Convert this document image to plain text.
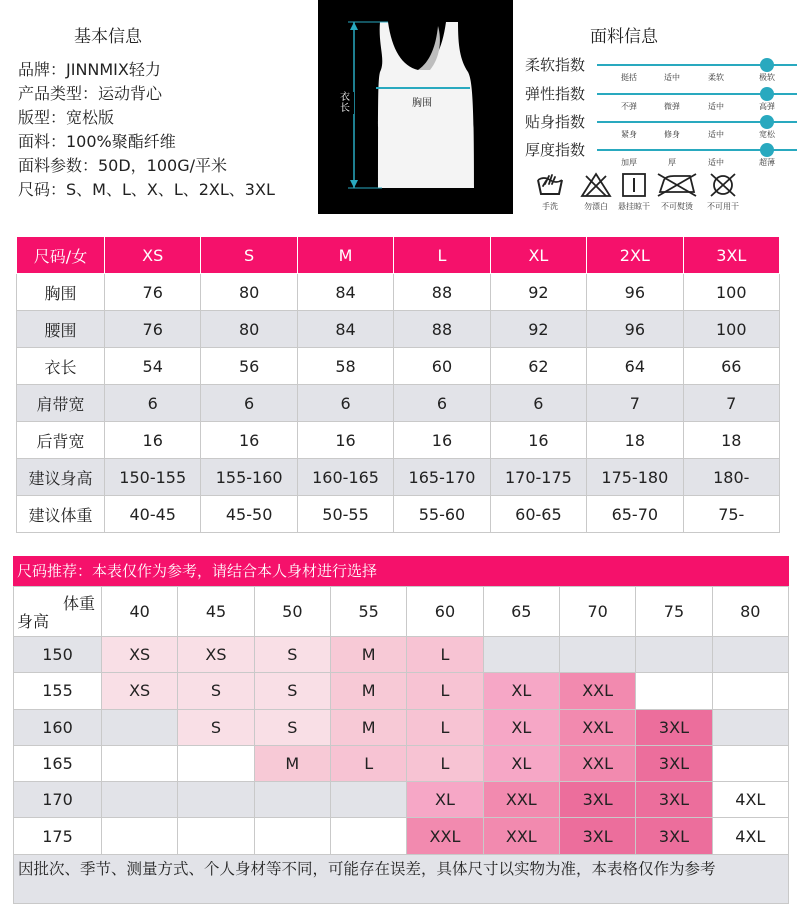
基本信息
品牌：JINNMIX轻力
产品类型：运动背心
版型：宽松版
面料：100%聚酯纤维
面料参数：50D，100G/平米
尺码：S、M、L、X、L、2XL、3XL
衣长	胸围
面料信息
柔软指数
挺括	适中	柔软	极软
弹性指数
不弹	微弹	适中	高弹
贴身指数
紧身	修身	适中	宽松
厚度指数
加厚	厚	适中	超薄
手洗	勿漂白	悬挂晾干	不可熨烫	不可用干
尺码/女	XS	S	M	L	XL	2XL	3XL
胸围	76	80	84	88	92	96	100
腰围	76	80	84	88	92	96	100
衣长	54	56	58	60	62	64	66
肩带宽	6	6	6	6	6	7	7
后背宽	16	16	16	16	16	18	18
建议身高	150-155	155-160	160-165	165-170	170-175	175-180	180-
建议体重	40-45	45-50	50-55	55-60	60-65	65-70	75-
尺码推荐：本表仅作为参考，请结合本人身材进行选择
体重
身高	40	45	50	55	60	65	70	75	80
150	XS	XS	S	M	L				
155	XS	S	S	M	L	XL	XXL		
160		S	S	M	L	XL	XXL	3XL	
165			M	L	L	XL	XXL	3XL	
170					XL	XXL	3XL	3XL	4XL
175					XXL	XXL	3XL	3XL	4XL
因批次、季节、测量方式、个人身材等不同，可能存在误差，具体尺寸以实物为准，本表格仅作为参考
